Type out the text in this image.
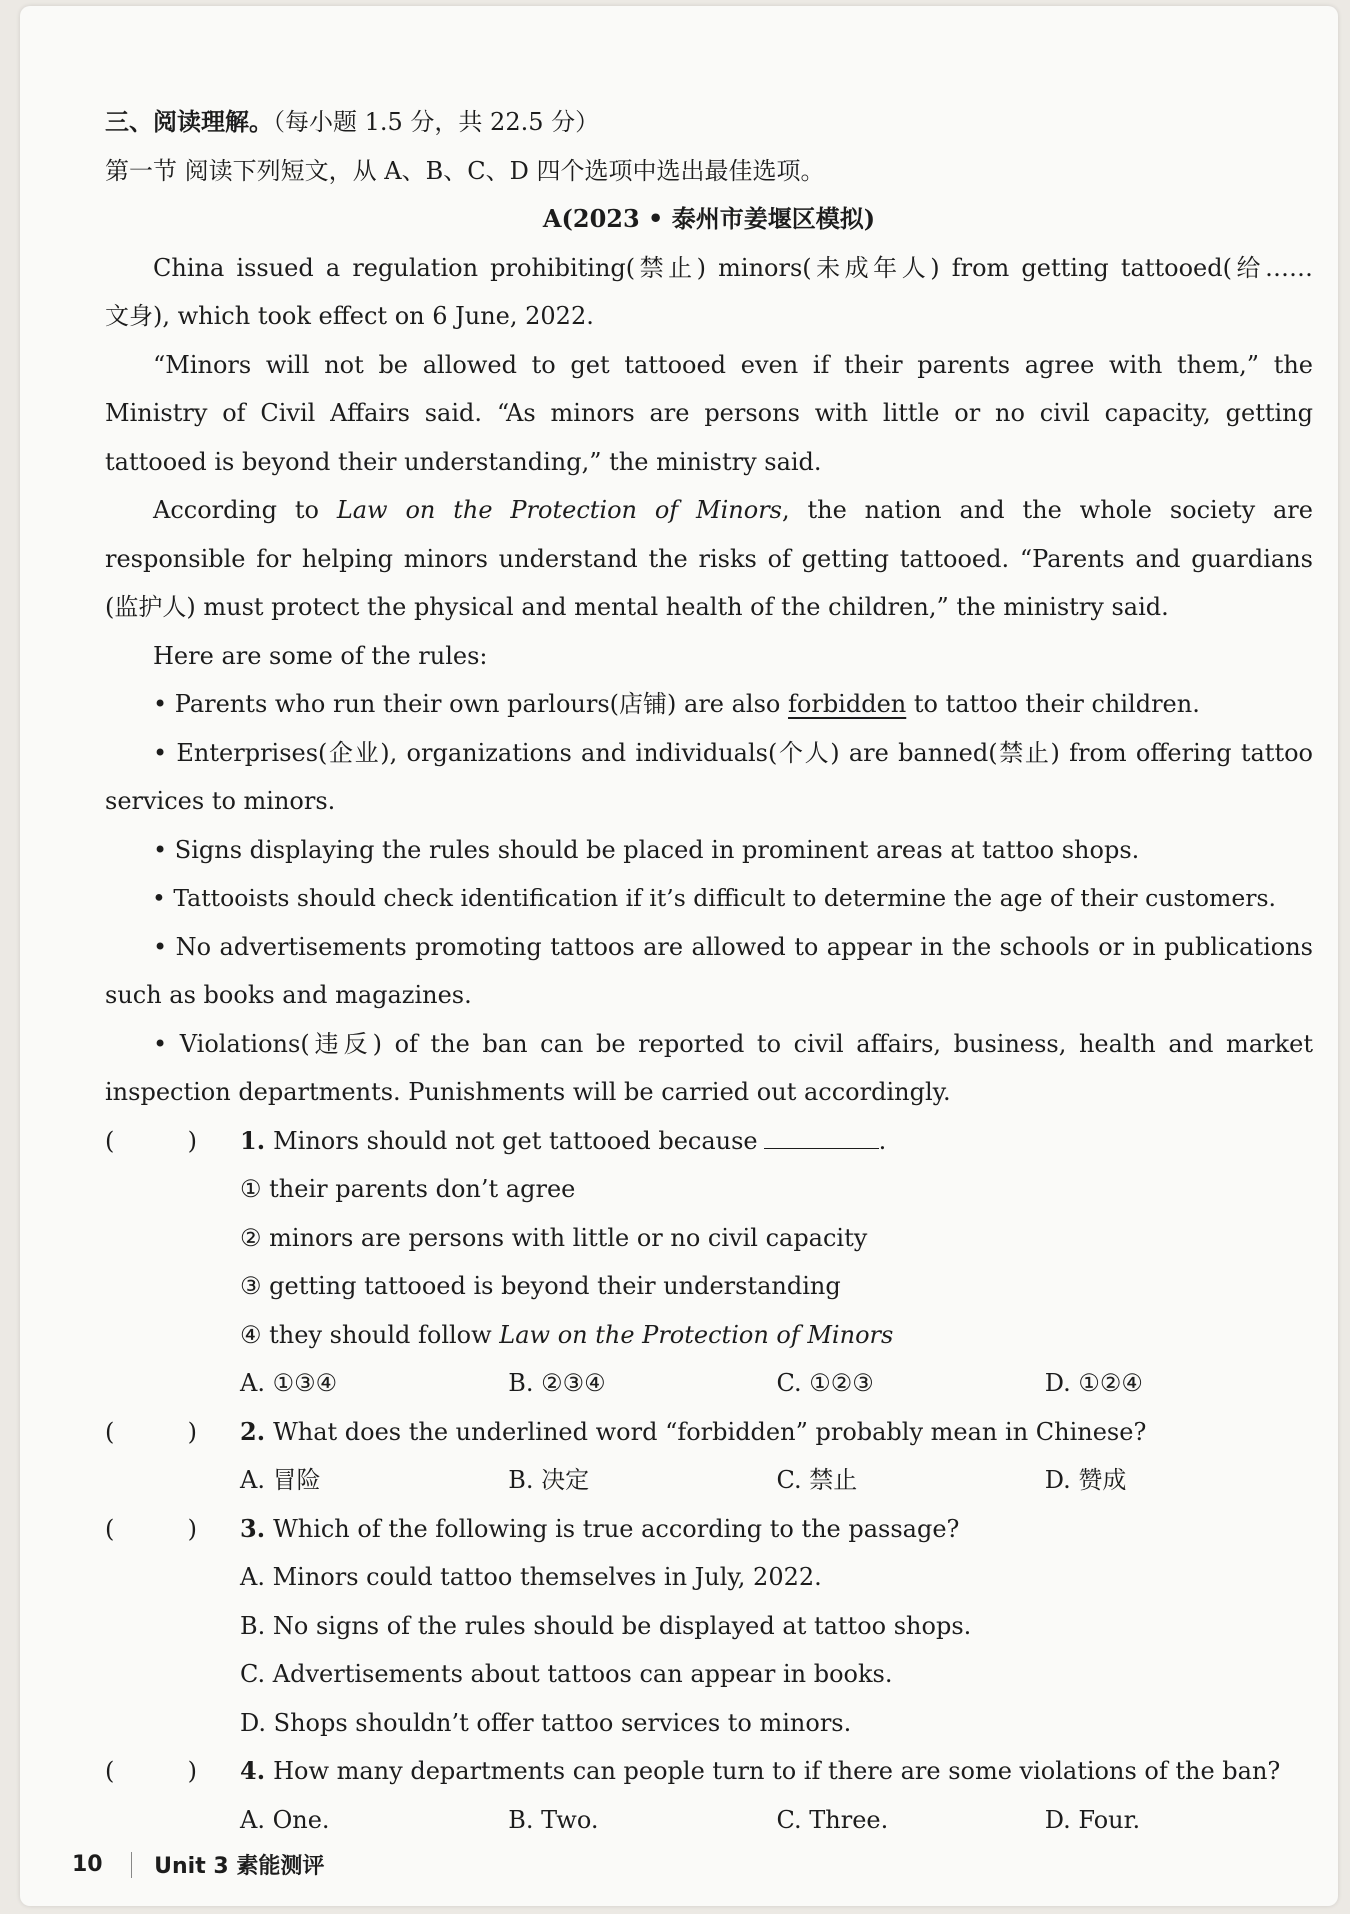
三、阅读理解。（每小题 1.5 分，共 22.5 分）
第一节 阅读下列短文，从 A、B、C、D 四个选项中选出最佳选项。
A(2023 • 泰州市姜堰区模拟)
China issued a regulation prohibiting(禁止) minors(未成年人) from getting tattooed(给……
文身), which took effect on 6 June, 2022.
“Minors will not be allowed to get tattooed even if their parents agree with them,” the Ministry of Civil Affairs said. “As minors are persons with little or no civil capacity, getting tattooed is beyond their understanding,” the ministry said.
According to Law on the Protection of Minors, the nation and the whole society are responsible for helping minors understand the risks of getting tattooed. “Parents and guardians (监护人) must protect the physical and mental health of the children,” the ministry said.
Here are some of the rules:
• Parents who run their own parlours(店铺) are also forbidden to tattoo their children.
• Enterprises(企业), organizations and individuals(个人) are banned(禁止) from offering tattoo services to minors.
• Signs displaying the rules should be placed in prominent areas at tattoo shops.
• Tattooists should check identification if it’s difficult to determine the age of their customers.
• No advertisements promoting tattoos are allowed to appear in the schools or in publications such as books and magazines.
• Violations(违反) of the ban can be reported to civil affairs, business, health and market inspection departments. Punishments will be carried out accordingly.
(	) 1. Minors should not get tattooed because	.
① their parents don’t agree
② minors are persons with little or no civil capacity
③ getting tattooed is beyond their understanding
④ they should follow Law on the Protection of Minors
A. ①③④	B. ②③④	C. ①②③	D. ①②④
(	) 2. What does the underlined word “forbidden” probably mean in Chinese?
A. 冒险	B. 决定	C. 禁止	D. 赞成
(	) 3. Which of the following is true according to the passage?
A. Minors could tattoo themselves in July, 2022.
B. No signs of the rules should be displayed at tattoo shops.
C. Advertisements about tattoos can appear in books.
D. Shops shouldn’t offer tattoo services to minors.
(	) 4. How many departments can people turn to if there are some violations of the ban?
A. One.	B. Two.	C. Three.	D. Four.
10 Unit 3 素能测评
